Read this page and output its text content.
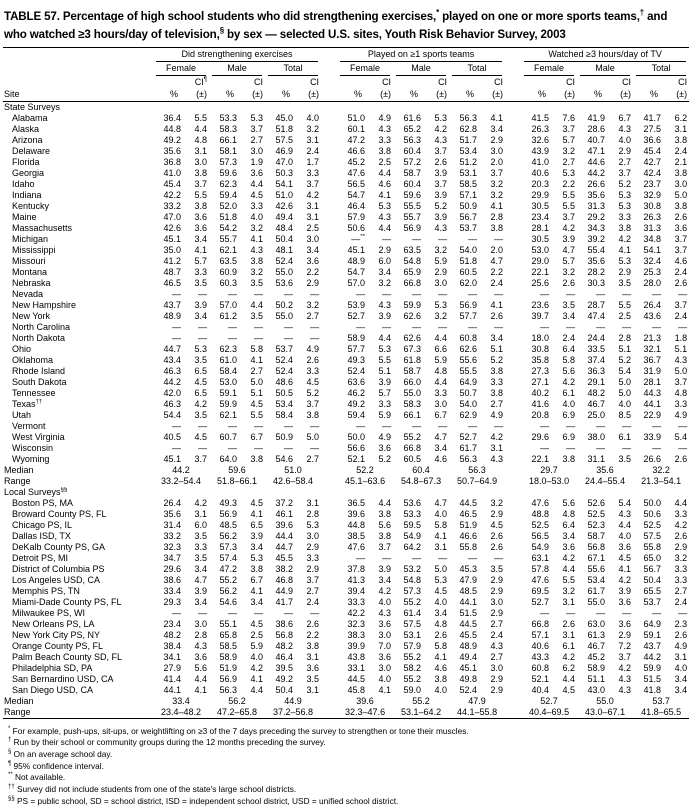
TABLE 57. Percentage of high school students who did strengthening exercises,* played on one or more sports teams,† and who watched ≥3 hours/day of television,§ by sex — selected U.S. sites, Youth Risk Behavior Survey, 2003

	Did strengthening exercises							Played on ≥1 sports teams							Watched ≥3 hours/day of TV					

	Female		Male		Total			Female		Male		Total			Female		Male		Total	

Site	%	CI¶ (±)	%	CI (±)	%	CI (±)		%	CI (±)	%	CI (±)	%	CI (±)		%	CI (±)	%	CI (±)	%	CI (±)
State Surveys																				
Alabama	36.4	5.5	53.3	5.3	45.0	4.0		51.0	4.9	61.6	5.3	56.3	4.1		41.5	7.6	41.9	6.7	41.7	6.2
Alaska	44.8	4.4	58.3	3.7	51.8	3.2		60.1	4.3	65.2	4.2	62.8	3.4		26.3	3.7	28.6	4.3	27.5	3.1
Arizona	49.2	4.8	66.1	2.7	57.5	3.1		47.2	3.3	56.3	4.3	51.7	2.9		32.6	5.7	40.7	4.0	36.6	3.8
Delaware	35.6	3.1	58.1	3.0	46.9	2.4		46.6	3.8	60.4	3.7	53.4	3.0		43.9	3.2	47.1	2.9	45.4	2.4
Florida	36.8	3.0	57.3	1.9	47.0	1.7		45.2	2.5	57.2	2.6	51.2	2.0		41.0	2.7	44.6	2.7	42.7	2.1
Georgia	41.0	3.8	59.6	3.6	50.3	3.3		47.6	4.4	58.7	3.9	53.1	3.7		40.6	5.3	44.2	3.7	42.4	3.8
Idaho	45.4	3.7	62.3	4.4	54.1	3.7		56.5	4.6	60.4	3.7	58.5	3.2		20.3	2.2	26.6	5.2	23.7	3.0
Indiana	42.2	5.5	59.4	4.5	51.0	4.2		54.7	4.1	59.6	3.9	57.1	3.2		29.9	5.5	35.6	5.3	32.9	5.0
Kentucky	33.2	3.8	52.0	3.3	42.6	3.1		46.4	5.3	55.5	5.2	50.9	4.1		30.5	5.5	31.3	5.3	30.8	3.8
Maine	47.0	3.6	51.8	4.0	49.4	3.1		57.9	4.3	55.7	3.9	56.7	2.8		23.4	3.7	29.2	3.3	26.3	2.6
Massachusetts	42.6	3.6	54.2	3.2	48.4	2.5		50.6	4.4	56.9	4.3	53.7	3.8		28.1	4.2	34.3	3.8	31.3	3.6
Michigan	45.1	3.4	55.7	4.1	50.4	3.0		—**	—	—	—	—	—		30.5	3.9	39.2	4.2	34.8	3.7
Mississippi	35.0	4.1	62.1	4.3	48.1	3.4		45.1	2.9	63.5	3.2	54.0	2.0		53.0	4.7	55.4	4.1	54.1	3.7
Missouri	41.2	5.7	63.5	3.8	52.4	3.6		48.9	6.0	54.8	5.9	51.8	4.7		29.0	5.7	35.6	5.3	32.4	4.6
Montana	48.7	3.3	60.9	3.2	55.0	2.2		54.7	3.4	65.9	2.9	60.5	2.2		22.1	3.2	28.2	2.9	25.3	2.4
Nebraska	46.5	3.5	60.3	3.5	53.6	2.9		57.0	3.2	66.8	3.0	62.0	2.4		25.6	2.6	30.3	3.5	28.0	2.6
Nevada	—	—	—	—	—	—		—	—	—	—	—	—		—	—	—	—	—	—
New Hampshire	43.7	3.9	57.0	4.4	50.2	3.2		53.9	4.3	59.9	5.3	56.9	4.1		23.6	3.5	28.7	5.5	26.4	3.7
New York	48.9	3.4	61.2	3.5	55.0	2.7		52.7	3.9	62.6	3.2	57.7	2.6		39.7	3.4	47.4	2.5	43.6	2.4
North Carolina	—	—	—	—	—	—		—	—	—	—	—	—		—	—	—	—	—	—
North Dakota	—	—	—	—	—	—		58.9	4.4	62.6	4.4	60.8	3.4		18.0	2.4	24.4	2.8	21.3	1.8
Ohio	44.7	5.3	62.3	5.8	53.7	4.9		57.7	5.3	67.3	6.6	62.6	5.1		30.8	6.4	33.5	5.1	32.1	5.1
Oklahoma	43.4	3.5	61.0	4.1	52.4	2.6		49.3	5.5	61.8	5.9	55.6	5.2		35.8	5.8	37.4	5.2	36.7	4.3
Rhode Island	46.3	6.5	58.4	2.7	52.4	3.3		52.4	5.1	58.7	4.8	55.5	3.8		27.3	5.6	36.3	5.4	31.9	5.0
South Dakota	44.2	4.5	53.0	5.0	48.6	4.5		63.6	3.9	66.0	4.4	64.9	3.3		27.1	4.2	29.1	5.0	28.1	3.7
Tennessee	42.0	6.5	59.1	5.1	50.5	5.2		46.2	5.7	55.0	3.3	50.7	3.8		40.2	6.1	48.2	5.0	44.3	4.8
Texas††	46.3	4.2	59.9	4.5	53.4	3.7		49.2	3.3	58.3	3.0	54.0	2.7		41.6	4.0	46.7	4.0	44.1	3.3
Utah	54.4	3.5	62.1	5.5	58.4	3.8		59.4	5.9	66.1	6.7	62.9	4.9		20.8	6.9	25.0	8.5	22.9	4.9
Vermont	—	—	—	—	—	—		—	—	—	—	—	—		—	—	—	—	—	—
West Virginia	40.5	4.5	60.7	6.7	50.9	5.0		50.0	4.9	55.2	4.7	52.7	4.2		29.6	6.9	38.0	6.1	33.9	5.4
Wisconsin	—	—	—	—	—	—		56.6	3.6	66.8	3.4	61.7	3.1		—	—	—	—	—	—
Wyoming	45.1	3.7	64.0	3.8	54.6	2.7		52.1	5.2	60.5	4.6	56.3	4.3		22.1	3.8	31.1	3.5	26.6	2.6
Median	44.2		59.6		51.0			52.2		60.4		56.3			29.7		35.6		32.2	
Range	33.2–54.4		51.8–66.1		42.6–58.4			45.1–63.6		54.8–67.3		50.7–64.9			18.0–53.0		24.4–55.4		21.3–54.1	
Local Surveys§§
Boston PS, MA	26.4	4.2	49.3	4.5	37.2	3.1		36.5	4.4	53.6	4.7	44.5	3.2		47.6	5.6	52.6	5.4	50.0	4.4
Broward County PS, FL	35.6	3.1	56.9	4.1	46.1	2.8		39.6	3.8	53.3	4.0	46.5	2.9		48.8	4.8	52.5	4.3	50.6	3.3
Chicago PS, IL	31.4	6.0	48.5	6.5	39.6	5.3		44.8	5.6	59.5	5.8	51.9	4.5		52.5	6.4	52.3	4.4	52.5	4.2
Dallas ISD, TX	33.2	3.5	56.2	3.9	44.4	3.0		38.5	3.8	54.9	4.1	46.6	2.6		56.5	3.4	58.7	4.0	57.5	2.6
DeKalb County PS, GA	32.3	3.3	57.3	3.4	44.7	2.9		47.6	3.7	64.2	3.1	55.8	2.6		54.9	3.6	56.8	3.6	55.8	2.9
Detroit PS, MI	34.7	3.5	57.4	5.3	45.5	3.3		—	—	—	—	—	—		63.1	4.2	67.1	4.5	65.0	3.2
District of Columbia PS	29.6	3.4	47.2	3.8	38.2	2.9		37.8	3.9	53.2	5.0	45.3	3.5		57.8	4.4	55.6	4.1	56.7	3.3
Los Angeles USD, CA	38.6	4.7	55.2	6.7	46.8	3.7		41.3	3.4	54.8	5.3	47.9	2.9		47.6	5.5	53.4	4.2	50.4	3.3
Memphis PS, TN	33.4	3.9	56.2	4.1	44.9	2.7		39.4	4.2	57.3	4.5	48.5	2.9		69.5	3.2	61.7	3.9	65.5	2.7
Miami-Dade County PS, FL	29.3	3.4	54.6	3.4	41.7	2.4		33.3	4.0	55.2	4.0	44.1	3.0		52.7	3.1	55.0	3.6	53.7	2.4
Milwaukee PS, WI	—	—	—	—	—	—		42.2	4.3	61.4	3.4	51.5	2.9		—	—	—	—	—	—
New Orleans PS, LA	23.4	3.0	55.1	4.5	38.6	2.6		32.3	3.6	57.5	4.8	44.5	2.7		66.8	2.6	63.0	3.6	64.9	2.3
New York City PS, NY	48.2	2.8	65.8	2.5	56.8	2.2		38.3	3.0	53.1	2.6	45.5	2.4		57.1	3.1	61.3	2.9	59.1	2.6
Orange County PS, FL	38.4	4.3	58.5	5.9	48.2	3.8		39.9	7.0	57.9	5.8	48.9	4.3		40.6	6.1	46.7	7.2	43.7	4.9
Palm Beach County SD, FL	34.1	3.6	58.9	4.0	46.4	3.1		43.8	3.6	55.2	4.1	49.4	2.7		43.3	4.2	45.2	3.7	44.2	3.1
Philadelphia SD, PA	27.9	5.6	51.9	4.2	39.5	3.6		33.1	3.0	58.2	4.6	45.1	3.0		60.8	6.2	58.9	4.2	59.9	4.0
San Bernardino USD, CA	41.4	4.4	56.9	4.1	49.2	3.5		44.5	4.0	55.2	3.8	49.8	2.9		52.1	4.4	51.1	4.3	51.5	3.4
San Diego USD, CA	44.1	4.1	56.3	4.4	50.4	3.1		45.8	4.1	59.0	4.0	52.4	2.9		40.4	4.5	43.0	4.3	41.8	3.4
Median	33.4		56.2		44.9			39.6		55.2		47.9			52.7		55.0		53.7	
Range	23.4–48.2		47.2–65.8		37.2–56.8			32.3–47.6		53.1–64.2		44.1–55.8			40.4–69.5		43.0–67.1		41.8–65.5	
* For example, push-ups, sit-ups, or weightlifting on ≥3 of the 7 days preceding the survey to strengthen or tone their muscles.
† Run by their school or community groups during the 12 months preceding the survey.
§ On an average school day.
¶ 95% confidence interval.
** Not available.
†† Survey did not include students from one of the state's large school districts.
§§ PS = public school, SD = school district, ISD = independent school district, USD = unified school district.
